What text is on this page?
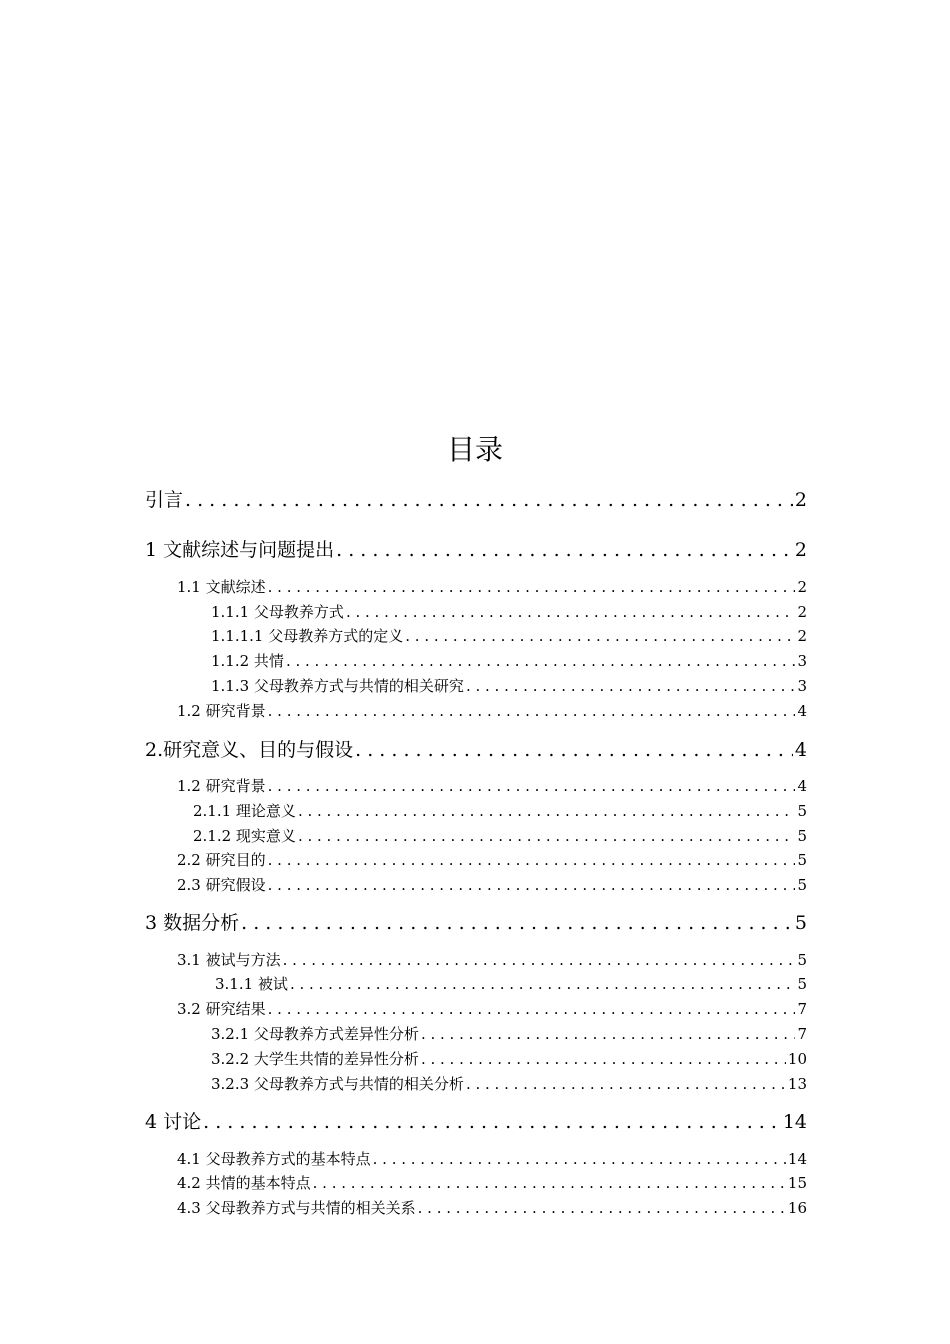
目录
引言 . . .	2
1 文献综述与问题提出 . . .	2
1.1 文献综述 . . .	2
1.1.1 父母教养方式 . . .	2
1.1.1.1 父母教养方式的定义 . . .	2
1.1.2 共情 . . .	3
1.1.3 父母教养方式与共情的相关研究 . . .	3
1.2 研究背景 . . .	4
2.研究意义、目的与假设 . . .	4
1.2 研究背景 . . .	4
2.1.1 理论意义 . . .	5
2.1.2 现实意义 . . .	5
2.2 研究目的 . . .	5
2.3 研究假设 . . .	5
3 数据分析 . . .	5
3.1 被试与方法 . . .	5
3.1.1 被试 . . .	5
3.2 研究结果 . . .	7
3.2.1 父母教养方式差异性分析 . . .	7
3.2.2 大学生共情的差异性分析 . . .	10
3.2.3 父母教养方式与共情的相关分析 . . .	13
4 讨论 . . .	14
4.1 父母教养方式的基本特点 . . .	14
4.2 共情的基本特点 . . .	15
4.3 父母教养方式与共情的相关关系 . . .	16
